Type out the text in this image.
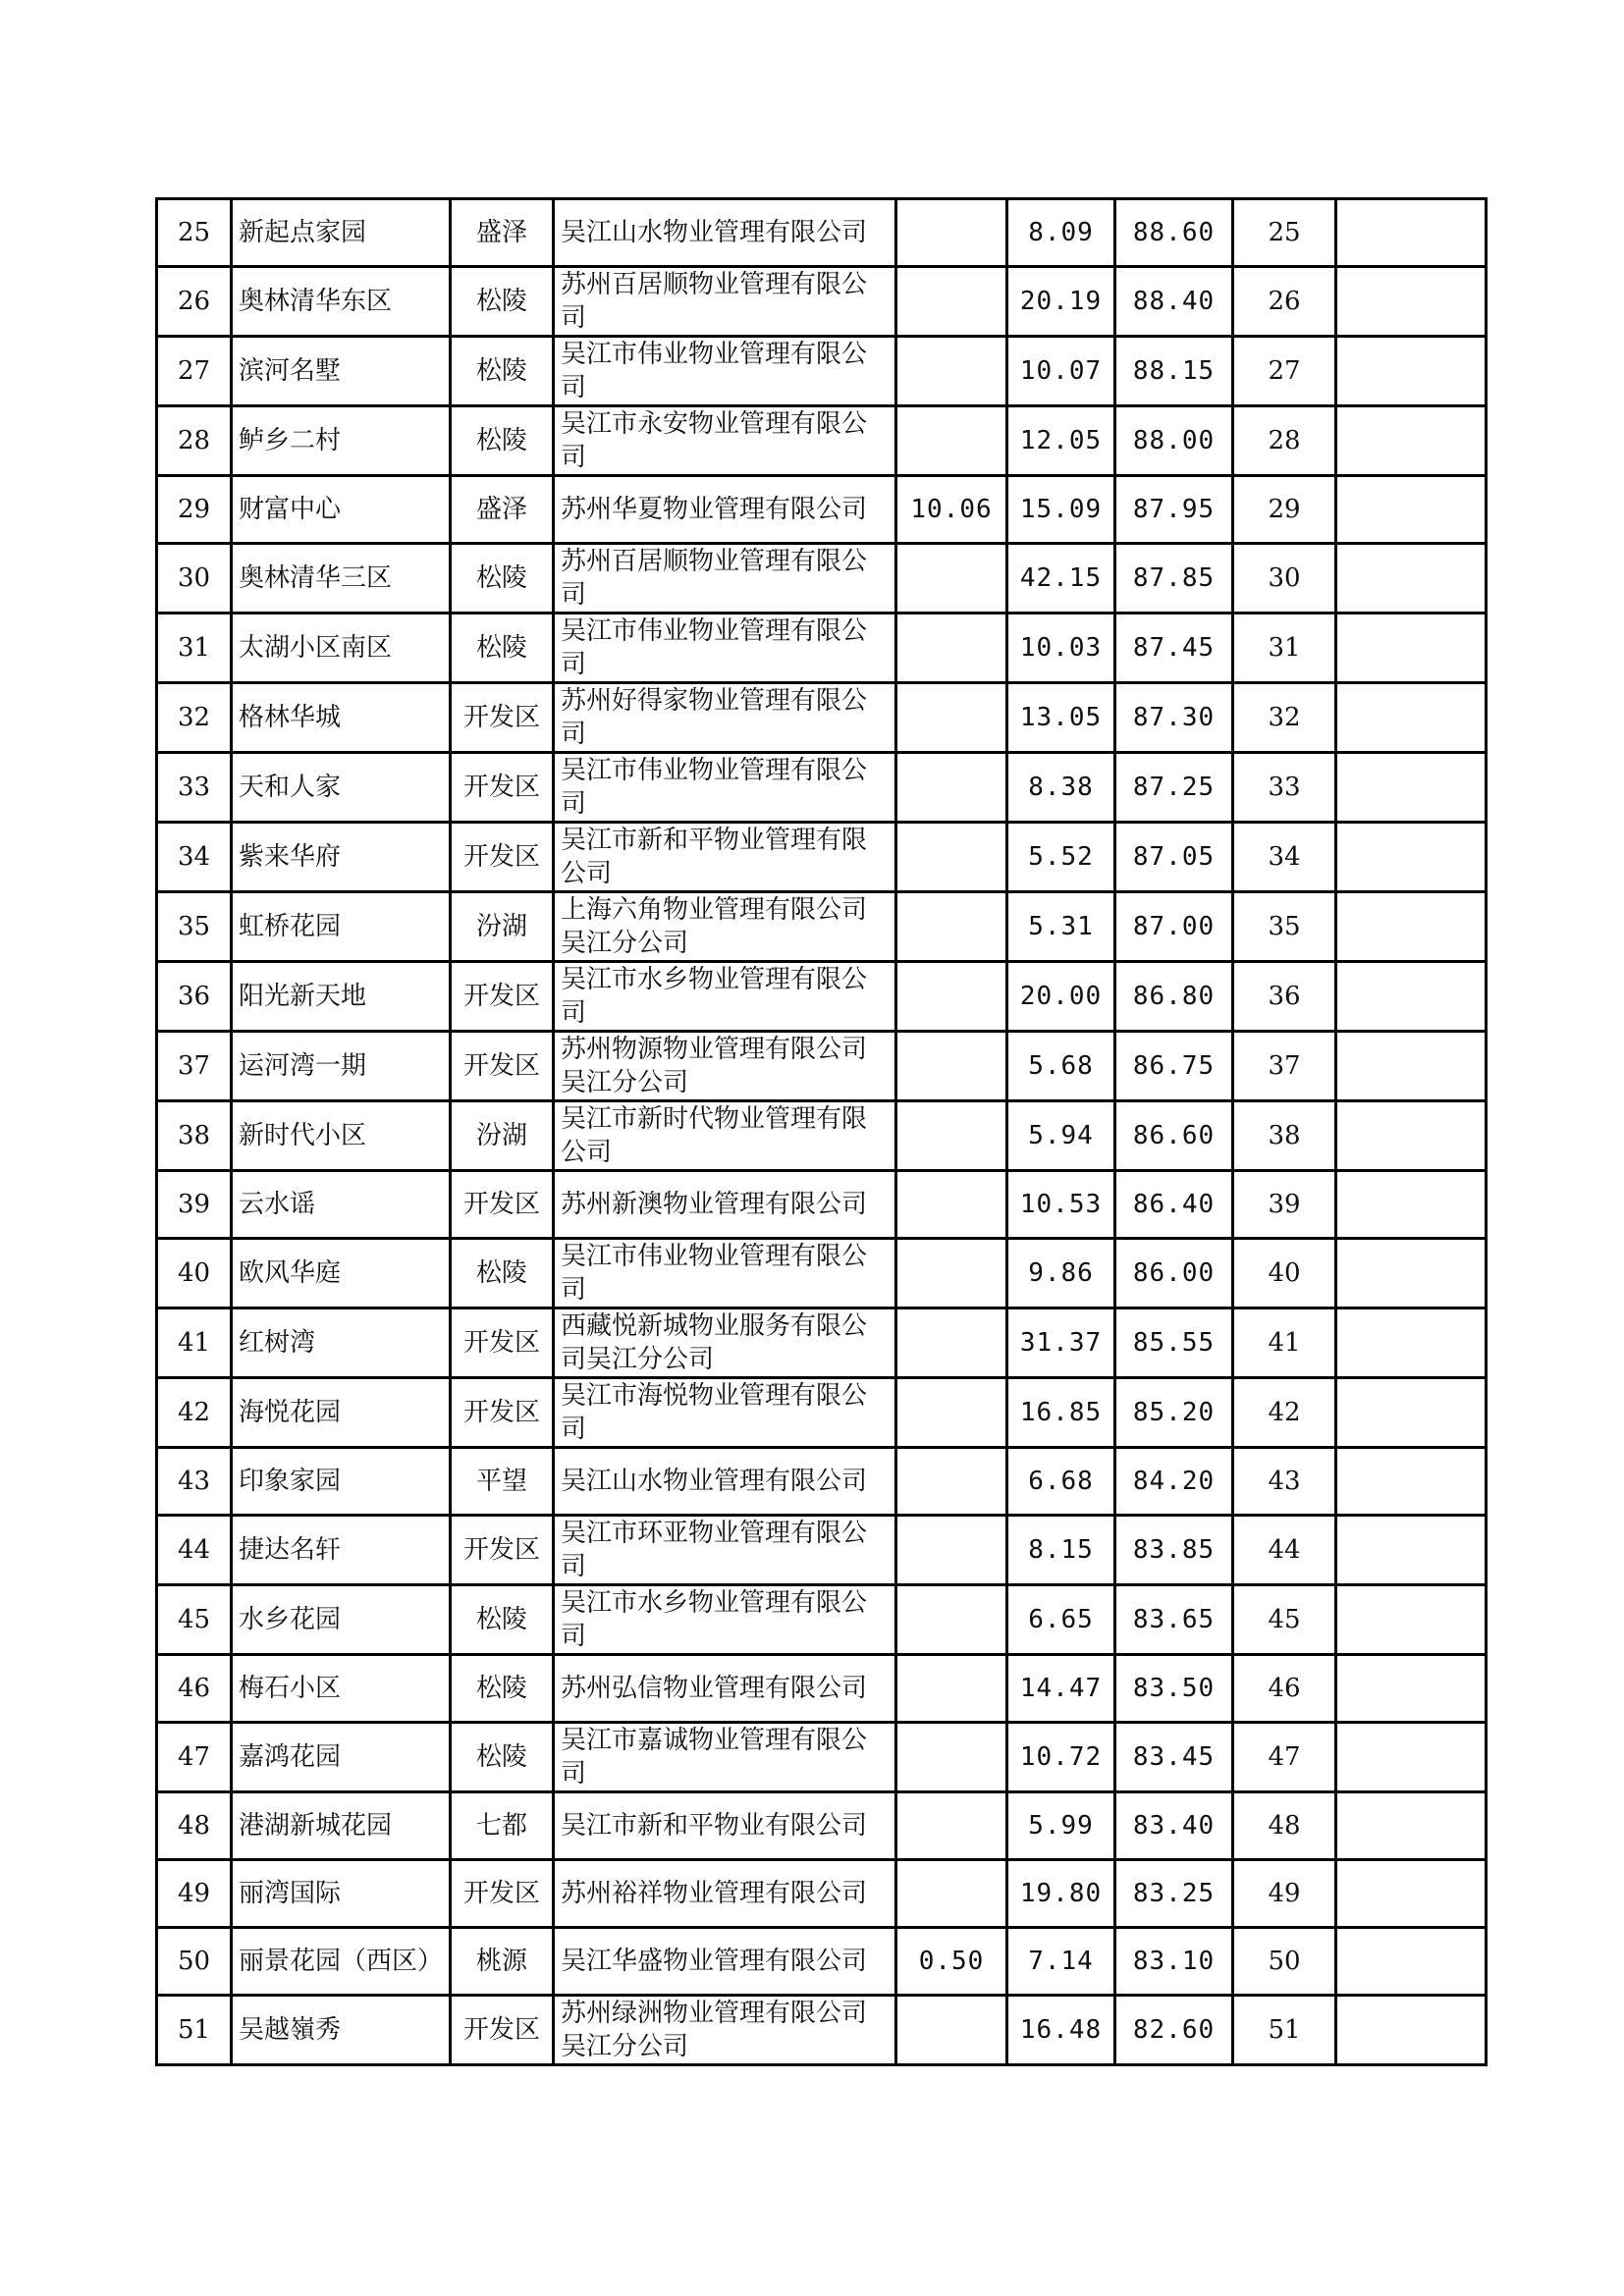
25	新起点家园	盛泽	吴江山水物业管理有限公司		8.09	88.60	25	
26	奥林清华东区	松陵	苏州百居顺物业管理有限公司		20.19	88.40	26	
27	滨河名墅	松陵	吴江市伟业物业管理有限公司		10.07	88.15	27	
28	鲈乡二村	松陵	吴江市永安物业管理有限公司		12.05	88.00	28	
29	财富中心	盛泽	苏州华夏物业管理有限公司	10.06	15.09	87.95	29	
30	奥林清华三区	松陵	苏州百居顺物业管理有限公司		42.15	87.85	30	
31	太湖小区南区	松陵	吴江市伟业物业管理有限公司		10.03	87.45	31	
32	格林华城	开发区	苏州好得家物业管理有限公司		13.05	87.30	32	
33	天和人家	开发区	吴江市伟业物业管理有限公司		8.38	87.25	33	
34	紫来华府	开发区	吴江市新和平物业管理有限公司		5.52	87.05	34	
35	虹桥花园	汾湖	上海六角物业管理有限公司吴江分公司		5.31	87.00	35	
36	阳光新天地	开发区	吴江市水乡物业管理有限公司		20.00	86.80	36	
37	运河湾一期	开发区	苏州物源物业管理有限公司吴江分公司		5.68	86.75	37	
38	新时代小区	汾湖	吴江市新时代物业管理有限公司		5.94	86.60	38	
39	云水谣	开发区	苏州新澳物业管理有限公司		10.53	86.40	39	
40	欧风华庭	松陵	吴江市伟业物业管理有限公司		9.86	86.00	40	
41	红树湾	开发区	西藏悦新城物业服务有限公司吴江分公司		31.37	85.55	41	
42	海悦花园	开发区	吴江市海悦物业管理有限公司		16.85	85.20	42	
43	印象家园	平望	吴江山水物业管理有限公司		6.68	84.20	43	
44	捷达名轩	开发区	吴江市环亚物业管理有限公司		8.15	83.85	44	
45	水乡花园	松陵	吴江市水乡物业管理有限公司		6.65	83.65	45	
46	梅石小区	松陵	苏州弘信物业管理有限公司		14.47	83.50	46	
47	嘉鸿花园	松陵	吴江市嘉诚物业管理有限公司		10.72	83.45	47	
48	港湖新城花园	七都	吴江市新和平物业有限公司		5.99	83.40	48	
49	丽湾国际	开发区	苏州裕祥物业管理有限公司		19.80	83.25	49	
50	丽景花园（西区）	桃源	吴江华盛物业管理有限公司	0.50	7.14	83.10	50	
51	吴越嶺秀	开发区	苏州绿洲物业管理有限公司吴江分公司		16.48	82.60	51	
